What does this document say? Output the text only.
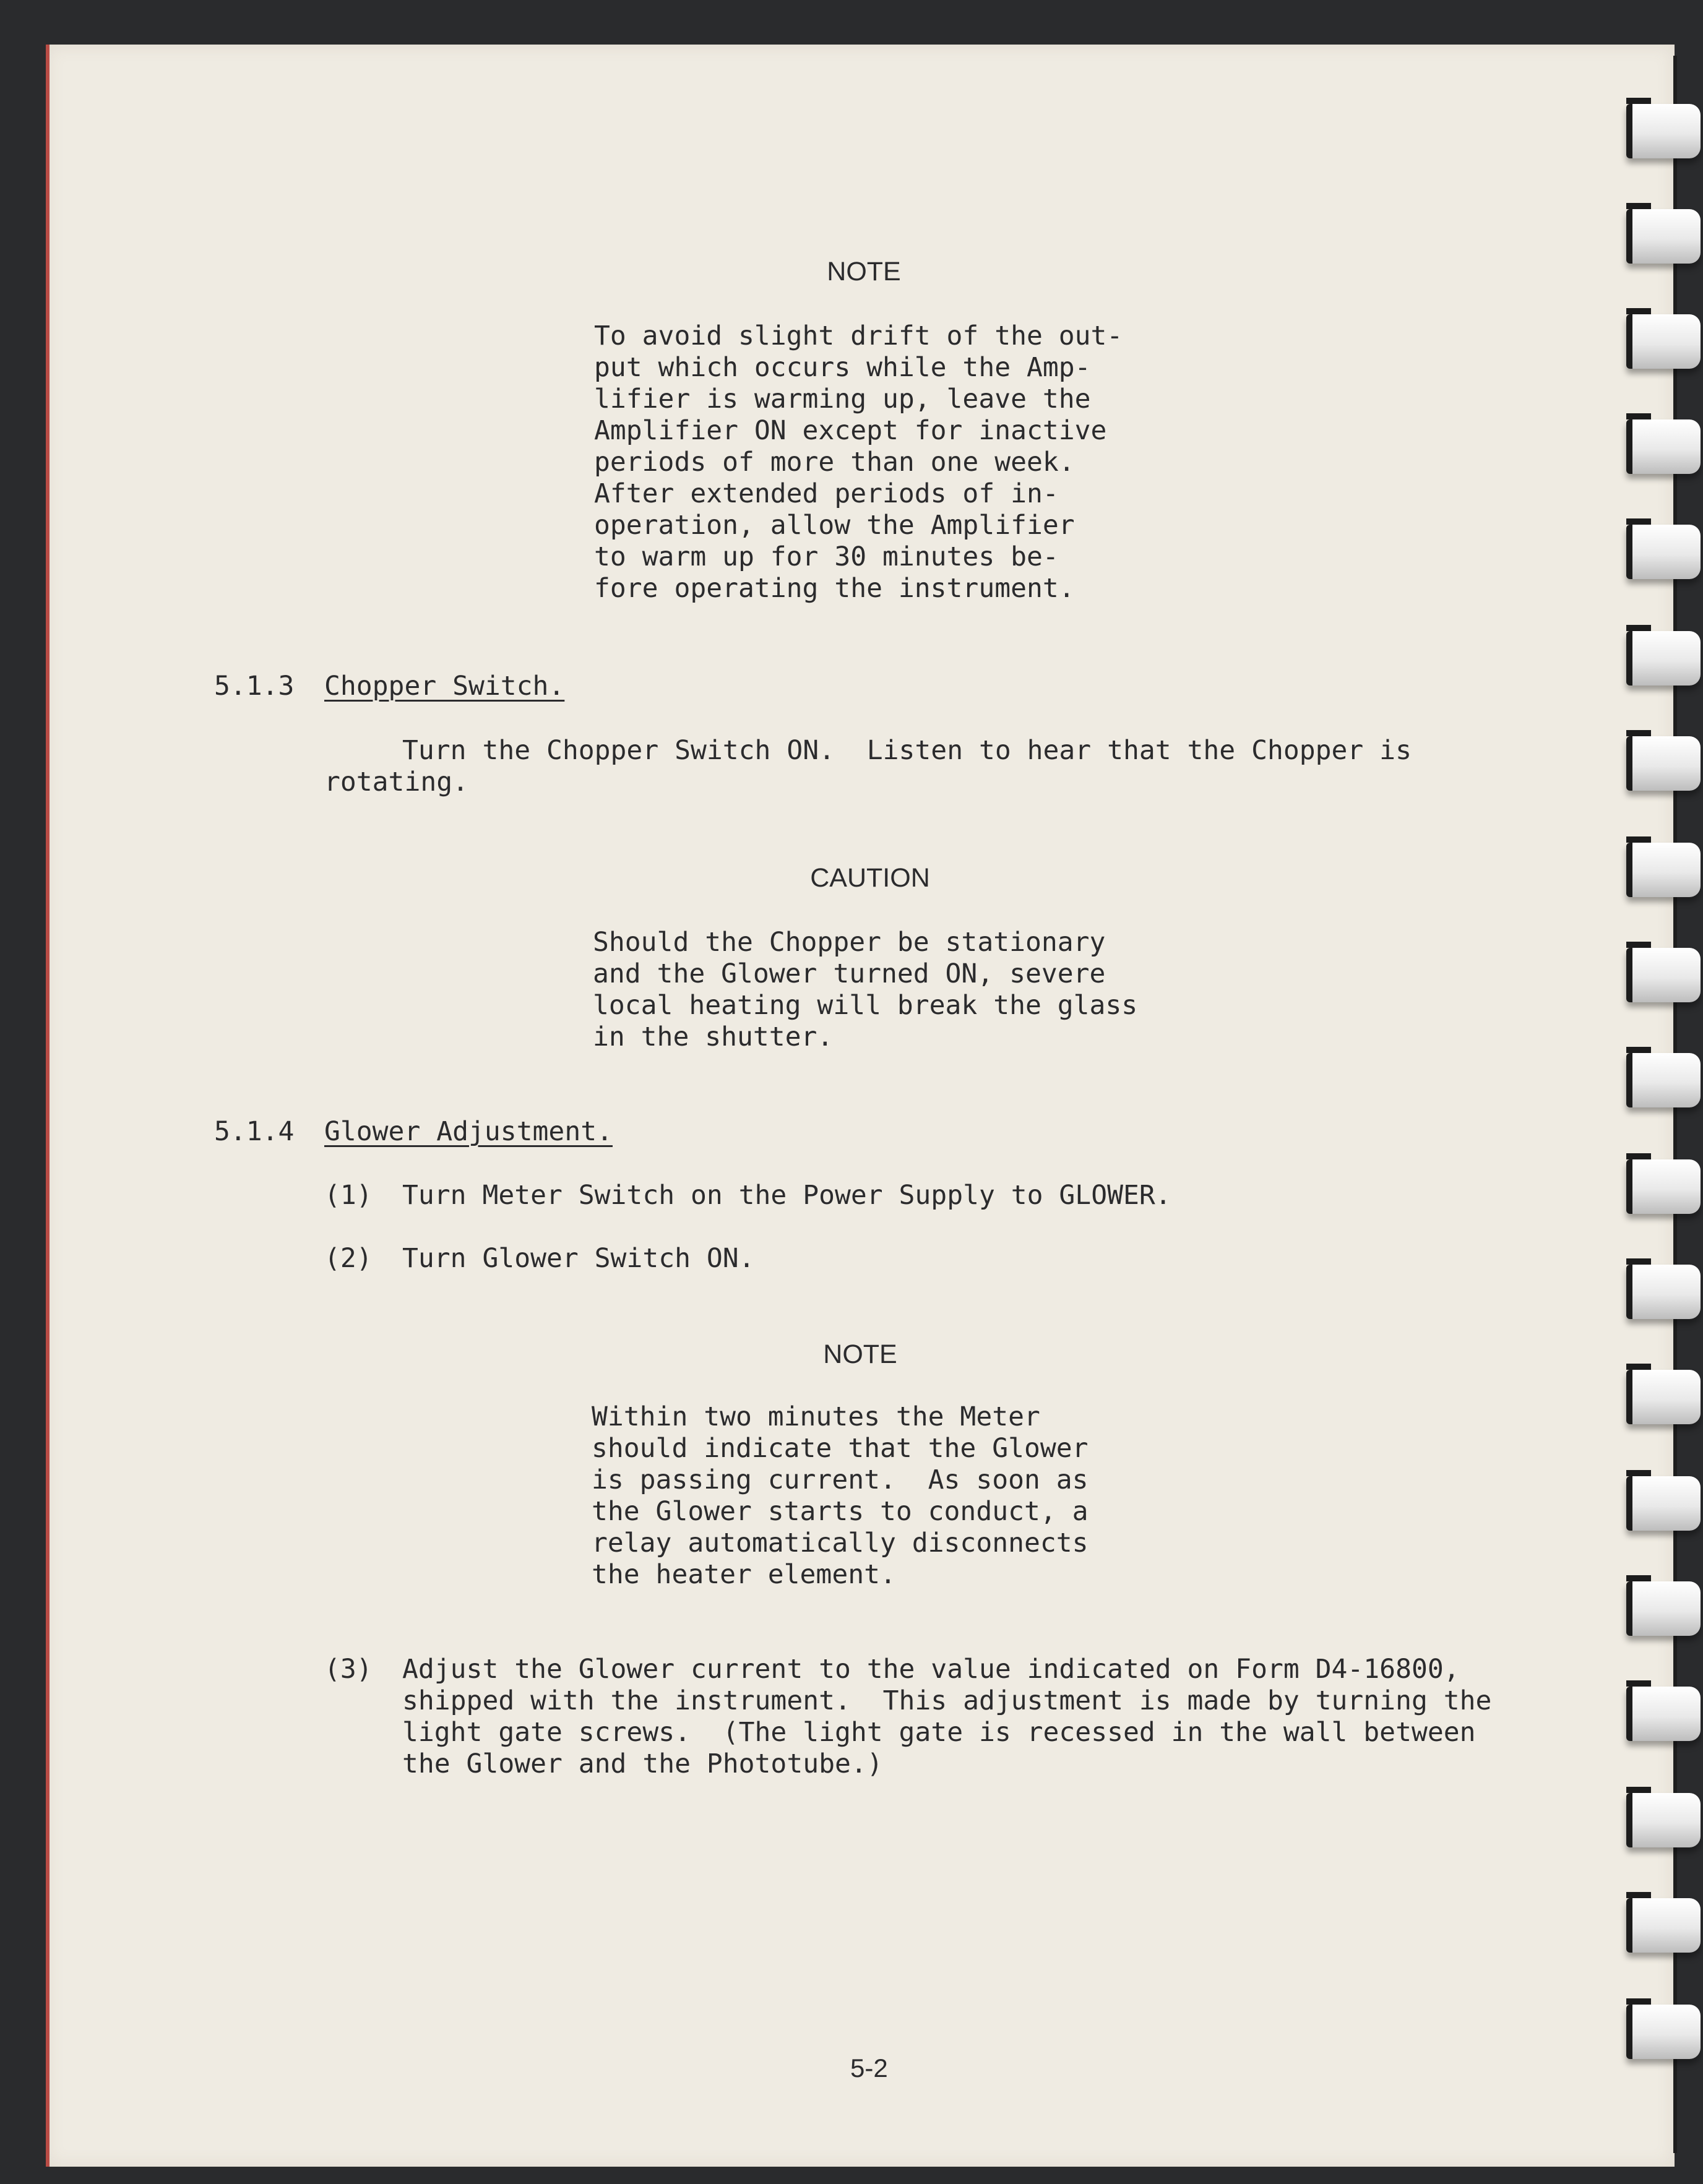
NOTE
To avoid slight drift of the out-
put which occurs while the Amp-
lifier is warming up, leave the
Amplifier ON except for inactive
periods of more than one week.
After extended periods of in-
operation, allow the Amplifier
to warm up for 30 minutes be-
fore operating the instrument.
5.1.3 Chopper Switch.
Turn the Chopper Switch ON.  Listen to hear that the Chopper is
rotating.
CAUTION
Should the Chopper be stationary
and the Glower turned ON, severe
local heating will break the glass
in the shutter.
5.1.4 Glower Adjustment.
(1) Turn Meter Switch on the Power Supply to GLOWER.
(2) Turn Glower Switch ON.
NOTE
Within two minutes the Meter
should indicate that the Glower
is passing current.  As soon as
the Glower starts to conduct, a
relay automatically disconnects
the heater element.
(3) Adjust the Glower current to the value indicated on Form D4-16800,
shipped with the instrument.  This adjustment is made by turning the
light gate screws.  (The light gate is recessed in the wall between
the Glower and the Phototube.)
5-2
